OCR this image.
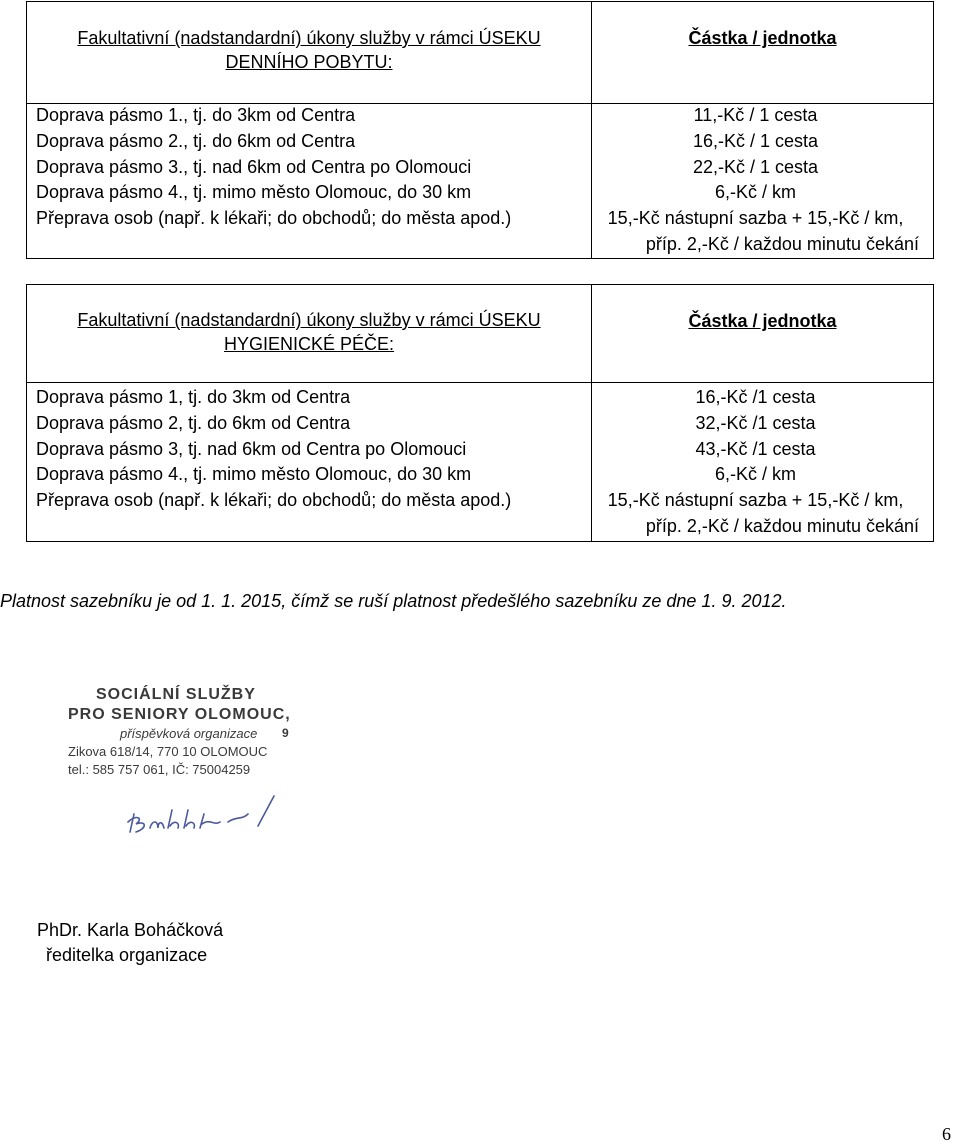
Fakultativní (nadstandardní) úkony služby v rámci ÚSEKU
DENNÍHO POBYTU:
Částka / jednotka
Doprava pásmo 1., tj. do 3km od Centra
Doprava pásmo 2., tj. do 6km od Centra
Doprava pásmo 3., tj. nad 6km od Centra po Olomouci
Doprava pásmo 4., tj. mimo město Olomouc, do 30 km
Přeprava osob (např. k lékaři; do obchodů; do města apod.)
11,-Kč / 1 cesta
16,-Kč / 1 cesta
22,-Kč / 1 cesta
6,-Kč / km
15,-Kč nástupní sazba + 15,-Kč / km,
příp. 2,-Kč / každou minutu čekání
Fakultativní (nadstandardní) úkony služby v rámci ÚSEKU
HYGIENICKÉ PÉČE:
Částka / jednotka
Doprava pásmo 1, tj. do 3km od Centra
Doprava pásmo 2, tj. do 6km od Centra
Doprava pásmo 3, tj. nad 6km od Centra po Olomouci
Doprava pásmo 4., tj. mimo město Olomouc, do 30 km
Přeprava osob (např. k lékaři; do obchodů; do města apod.)
16,-Kč /1 cesta
32,-Kč /1 cesta
43,-Kč /1 cesta
6,-Kč / km
15,-Kč nástupní sazba + 15,-Kč / km,
příp. 2,-Kč / každou minutu čekání
Platnost sazebníku je od 1. 1. 2015, čímž se ruší platnost předešlého sazebníku ze dne 1. 9. 2012.
SOCIÁLNÍ SLUŽBY
PRO SENIORY OLOMOUC,
příspěvková organizace 9
Zikova 618/14, 770 10 OLOMOUC
tel.: 585 757 061, IČ: 75004259
PhDr. Karla Boháčková
ředitelka organizace
6
